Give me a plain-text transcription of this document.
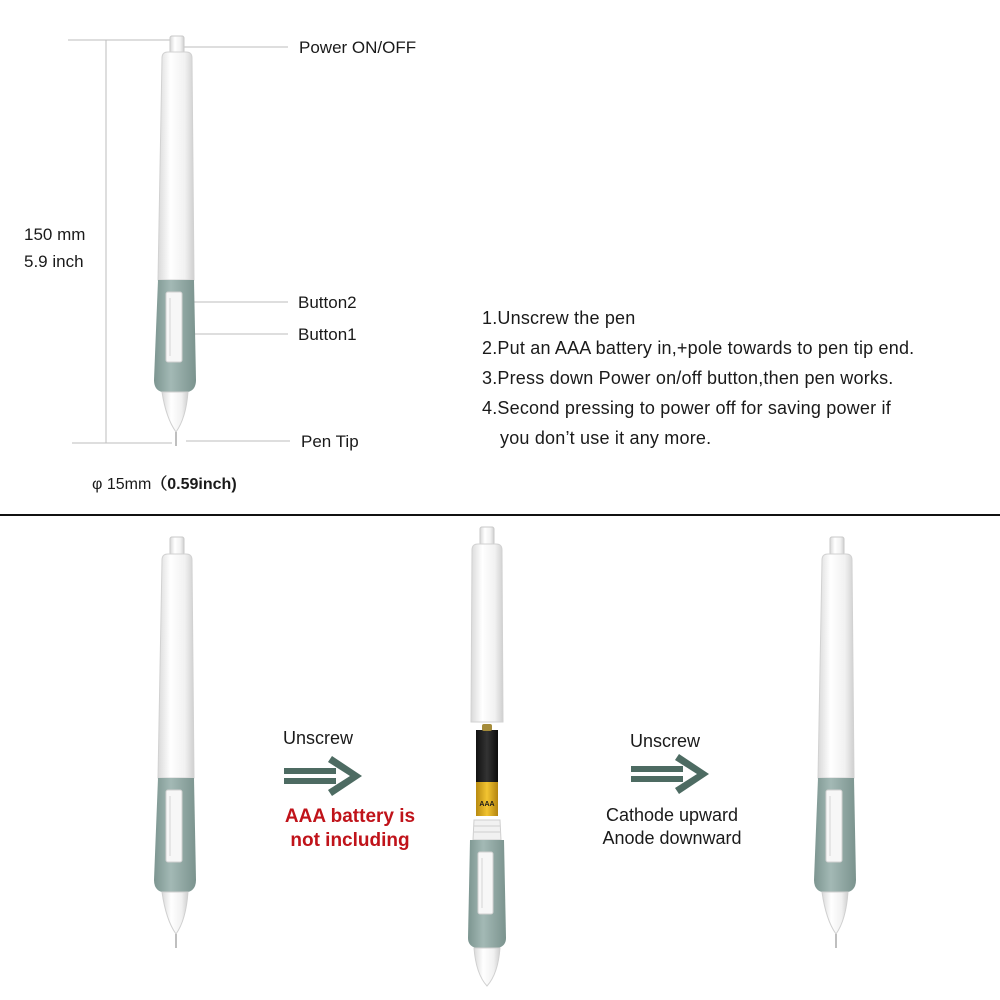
AAA
Power ON/OFF
Button2
Button1
Pen Tip
150 mm
5.9 inch
φ 15mm（0.59inch)
1.Unscrew the pen
2.Put an AAA battery in,+pole towards to pen tip end.
3.Press down Power on/off button,then pen works.
4.Second pressing to power off for saving power if
you don’t use it any more.
Unscrew
AAA battery is
not including
Unscrew
Cathode upward
Anode downward
